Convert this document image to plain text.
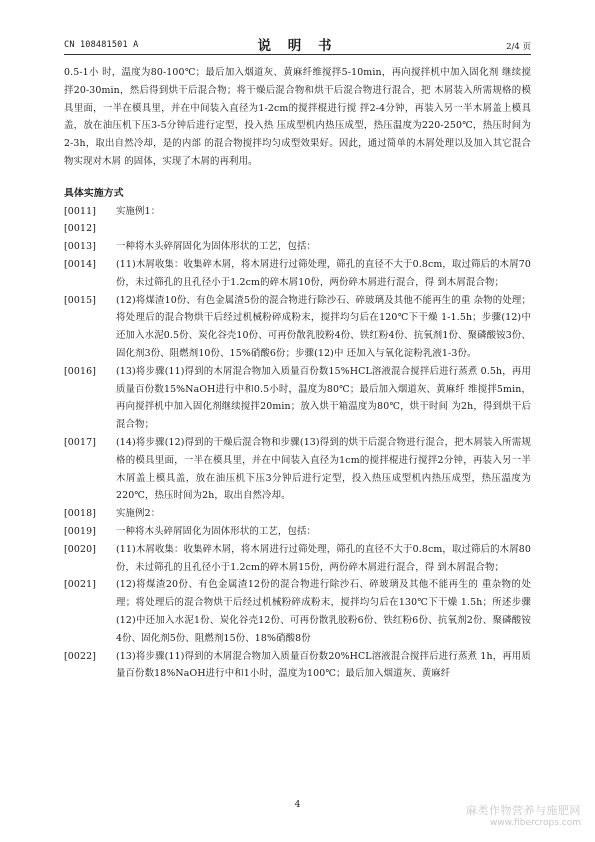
CN 108481501 A	说 明 书	2/4 页

0.5-1小 时，温度为80-100℃；最后加入烟道灰、黄麻纤维搅拌5-10min，再向搅拌机中加入固化剂 继续搅拌20-30min，然后得到烘干后混合物；将干燥后混合物和烘干后混合物进行混合，把 木屑装入所需规格的模具里面，一半在模具里，并在中间装入直径为1-2cm的搅拌棍进行搅 拌2-4分钟，再装入另一半木屑盖上模具盖，放在油压机下压3-5分钟后进行定型，投入热 压成型机内热压成型，热压温度为220-250℃，热压时间为2-3h，取出自然冷却，是的内部 的混合物搅拌均匀成型效果好。因此，通过简单的木屑处理以及加入其它混合物实现对木屑 的固体，实现了木屑的再利用。

具体实施方式

[0011]	实施例1：
[0012]
[0013]	一种将木头碎屑固化为固体形状的工艺，包括：
[0014]	(11)木屑收集：收集碎木屑，将木屑进行过筛处理，筛孔的直径不大于0.8cm，取过筛后的木屑70份，未过筛孔的且孔径小于1.2cm的碎木屑10份，两份碎木屑进行混合，得 到木屑混合物；
[0015]	(12)将煤渣10份、有色金属渣5份的混合物进行除沙石、碎玻璃及其他不能再生的重 杂物的处理；将处理后的混合物烘干后经过机械粉碎成粉末，搅拌均匀后在120℃下干燥 1-1.5h；步骤(12)中还加入水泥0.5份、炭化谷壳10份、可再份散乳胶粉4份、铁红粉4份、抗氧剂1份、聚磷酸铵3份、固化剂3份、阻燃剂10份、15%硝酸6份；步骤(12)中 还加入与氧化淀粉乳液1-3份。
[0016]	(13)将步骤(11)得到的木屑混合物加入质量百份数15%HCL溶液混合搅拌后进行蒸煮 0.5h，再用质量百份数15%NaOH进行中和0.5小时，温度为80℃；最后加入烟道灰、黄麻纤 维搅拌5min，再向搅拌机中加入固化剂继续搅拌20min；放入烘干箱温度为80℃，烘干时间 为2h，得到烘干后混合物；
[0017]	(14)将步骤(12)得到的干燥后混合物和步骤(13)得到的烘干后混合物进行混合，把木屑装入所需规格的模具里面，一半在模具里，并在中间装入直径为1cm的搅拌棍进行搅拌2分钟，再装入另一半木屑盖上模具盖，放在油压机下压3分钟后进行定型，投入热压成型机内热压成型，热压温度为220℃，热压时间为2h，取出自然冷却。
[0018]	实施例2：
[0019]	一种将木头碎屑固化为固体形状的工艺，包括：
[0020]	(11)木屑收集：收集碎木屑，将木屑进行过筛处理，筛孔的直径不大于0.8cm，取过筛后的木屑80份，未过筛孔的且孔径小于1.2cm的碎木屑15份，两份碎木屑进行混合，得 到木屑混合物；
[0021]	(12)将煤渣20份、有色金属渣12份的混合物进行除沙石、碎玻璃及其他不能再生的 重杂物的处理；将处理后的混合物烘干后经过机械粉碎成粉末，搅拌均匀后在130℃下干燥 1.5h；所述步骤(12)中还加入水泥1份、炭化谷壳12份、可再份散乳胶粉6份、铁红粉6份、抗氧剂2份、聚磷酸铵4份、固化剂5份、阻燃剂15份、18%硝酸8份
[0022]	(13)将步骤(11)得到的木屑混合物加入质量百份数20%HCL溶液混合搅拌后进行蒸煮 1h，再用质量百份数18%NaOH进行中和1小时，温度为100℃；最后加入烟道灰、黄麻纤
4	麻类作物营养与施肥网
www.fibercrops.com
